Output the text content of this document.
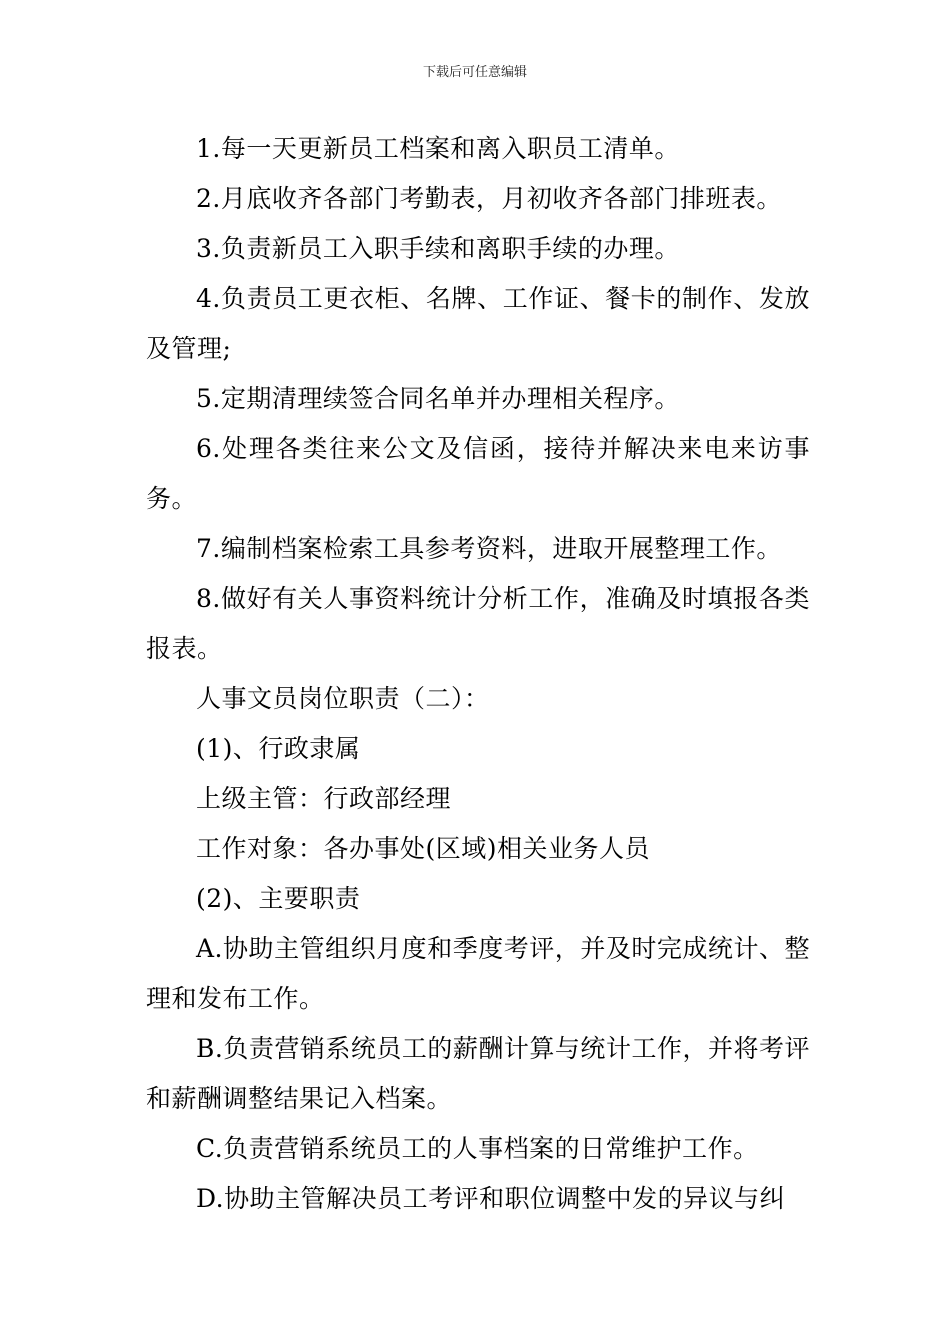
下载后可任意编辑

1.每一天更新员工档案和离入职员工清单。

2.月底收齐各部门考勤表，月初收齐各部门排班表。

3.负责新员工入职手续和离职手续的办理。

4.负责员工更衣柜、名牌、工作证、餐卡的制作、发放及管理;

5.定期清理续签合同名单并办理相关程序。

6.处理各类往来公文及信函，接待并解决来电来访事务。

7.编制档案检索工具参考资料，进取开展整理工作。

8.做好有关人事资料统计分析工作，准确及时填报各类报表。

人事文员岗位职责（二）：

(1)、行政隶属

上级主管：行政部经理

工作对象：各办事处(区域)相关业务人员

(2)、主要职责

A.协助主管组织月度和季度考评，并及时完成统计、整理和发布工作。

B.负责营销系统员工的薪酬计算与统计工作，并将考评和薪酬调整结果记入档案。

C.负责营销系统员工的人事档案的日常维护工作。

D.协助主管解决员工考评和职位调整中发的异议与纠
